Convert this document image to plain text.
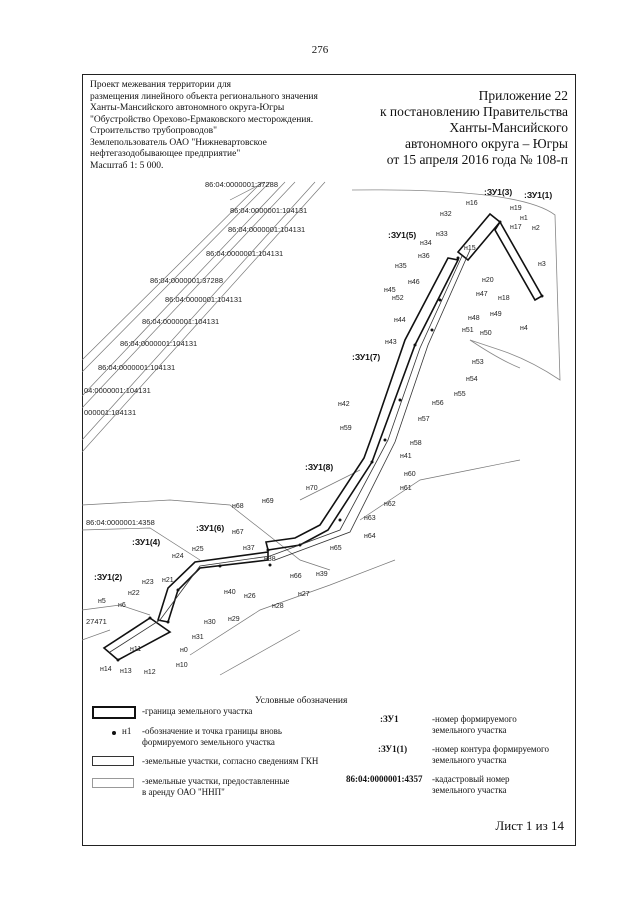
276
Проект межевания территории для
размещения линейного объекта регионального значения
Ханты-Мансийского автономного округа-Югры
"Обустройство Орехово-Ермаковского месторождения.
Строительство трубопроводов"
Землепользователь ОАО "Нижневартовское
нефтегазодобывающее предприятие"
Масштаб 1: 5 000.
Приложение 22
к постановлению Правительства
Ханты-Мансийского
автономного округа – Югры
от 15 апреля 2016 года № 108-п
86:04:0000001:37288
86:04:0000001:104131
86:04:0000001:104131
86:04:0000001:104131
86:04:0000001:37288
86:04:0000001:104131
86:04:0000001:104131
86:04:0000001:104131
86:04:0000001:104131
04:0000001:104131
000001:104131
86:04:0000001:4358
27471
:ЗУ1(3) :ЗУ1(1)
:ЗУ1(5)
:ЗУ1(7)
:ЗУ1(8)
:ЗУ1(6)
:ЗУ1(4)
:ЗУ1(2)
н16
н19
н1
н17 н2
н32
н33
н34
н36
н35
н15
н20
н3
н18
н46
н45
н52
н47
н49
н44
н51 н50
н4
н43
н48
н53
н54
н55
н42	н56
н57
н59
н58
н41
н60
н61
н62
н70
н69
н68
н67
н63
н64
н65
н37
н38
н25
н24
н66 н39
н21
н23
н22	н40	н27
н26
н28
н5
н6
н30 н29
н31
н0
н10
н11
н14 н13 н12
Условные обозначения
-граница земельного участка
н1 -обозначение и точка границы вновь
формируемого земельного участка
-земельные участки, согласно сведениям ГКН
-земельные участки, предоставленные
в аренду ОАО "ННП"
:ЗУ1	-номер формируемого
земельного участка
:ЗУ1(1)	-номер контура формируемого
земельного участка
86:04:0000001:4357 -кадастровый номер
земельного участка
Лист 1 из 14
